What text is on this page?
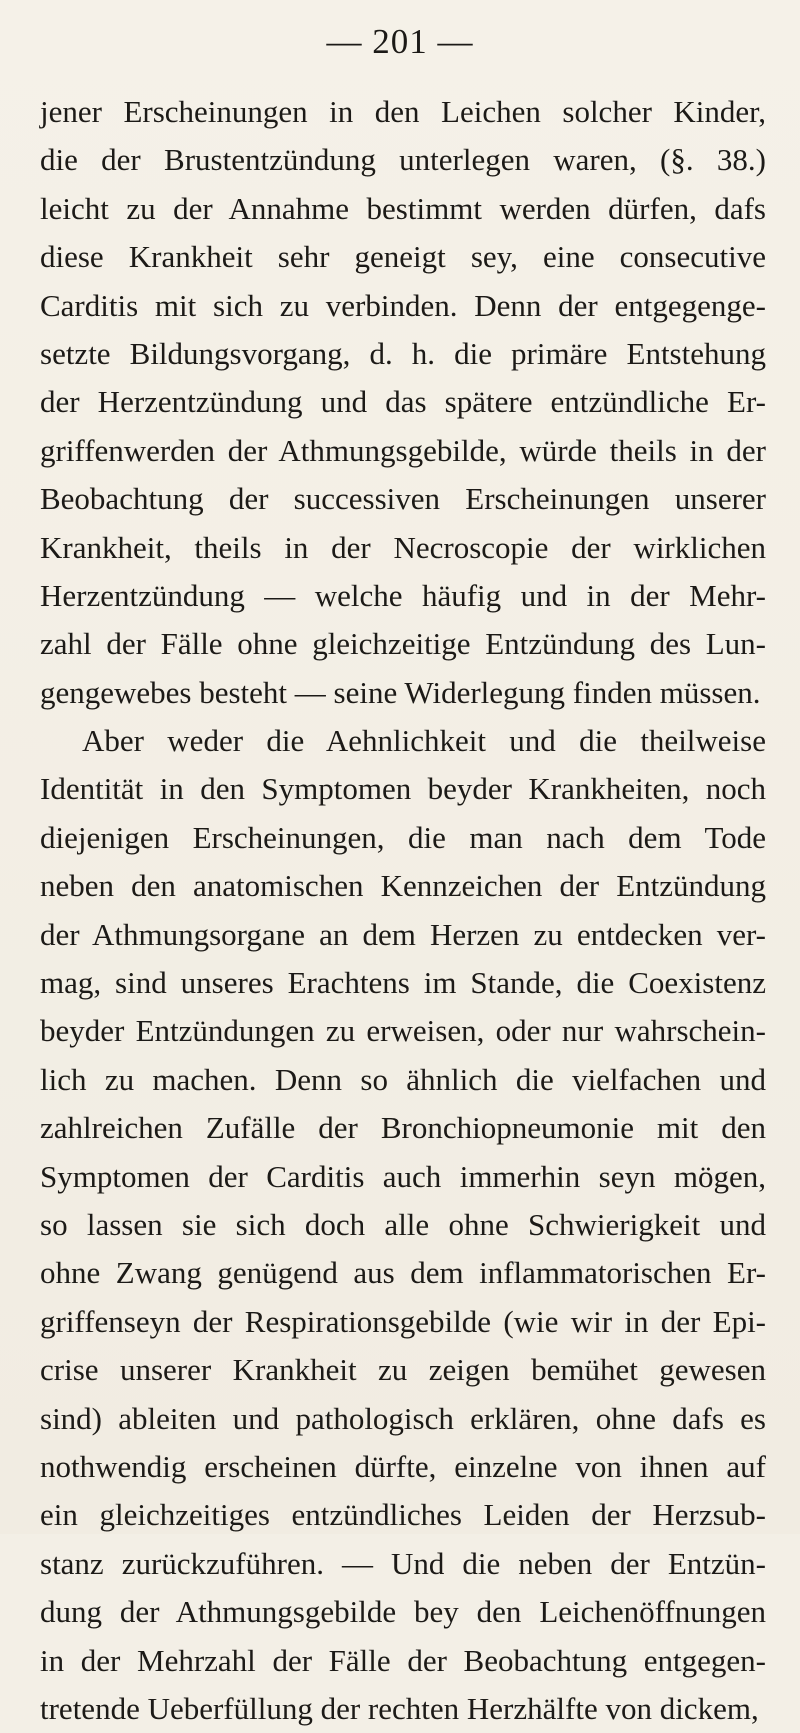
— 201 —
jener Erscheinungen in den Leichen solcher Kinder,
die der Brustentzündung unterlegen waren, (§. 38.)
leicht zu der Annahme bestimmt werden dürfen, dafs
diese Krankheit sehr geneigt sey, eine consecutive
Carditis mit sich zu verbinden. Denn der entgegenge-
setzte Bildungsvorgang, d. h. die primäre Entstehung
der Herzentzündung und das spätere entzündliche Er-
griffenwerden der Athmungsgebilde, würde theils in der
Beobachtung der successiven Erscheinungen unserer
Krankheit, theils in der Necroscopie der wirklichen
Herzentzündung — welche häufig und in der Mehr-
zahl der Fälle ohne gleichzeitige Entzündung des Lun-
gengewebes besteht — seine Widerlegung finden müssen.
Aber weder die Aehnlichkeit und die theilweise
Identität in den Symptomen beyder Krankheiten, noch
diejenigen Erscheinungen, die man nach dem Tode
neben den anatomischen Kennzeichen der Entzündung
der Athmungsorgane an dem Herzen zu entdecken ver-
mag, sind unseres Erachtens im Stande, die Coexistenz
beyder Entzündungen zu erweisen, oder nur wahrschein-
lich zu machen. Denn so ähnlich die vielfachen und
zahlreichen Zufälle der Bronchiopneumonie mit den
Symptomen der Carditis auch immerhin seyn mögen,
so lassen sie sich doch alle ohne Schwierigkeit und
ohne Zwang genügend aus dem inflammatorischen Er-
griffenseyn der Respirationsgebilde (wie wir in der Epi-
crise unserer Krankheit zu zeigen bemühet gewesen
sind) ableiten und pathologisch erklären, ohne dafs es
nothwendig erscheinen dürfte, einzelne von ihnen auf
ein gleichzeitiges entzündliches Leiden der Herzsub-
stanz zurückzuführen. — Und die neben der Entzün-
dung der Athmungsgebilde bey den Leichenöffnungen
in der Mehrzahl der Fälle der Beobachtung entgegen-
tretende Ueberfüllung der rechten Herzhälfte von dickem,
